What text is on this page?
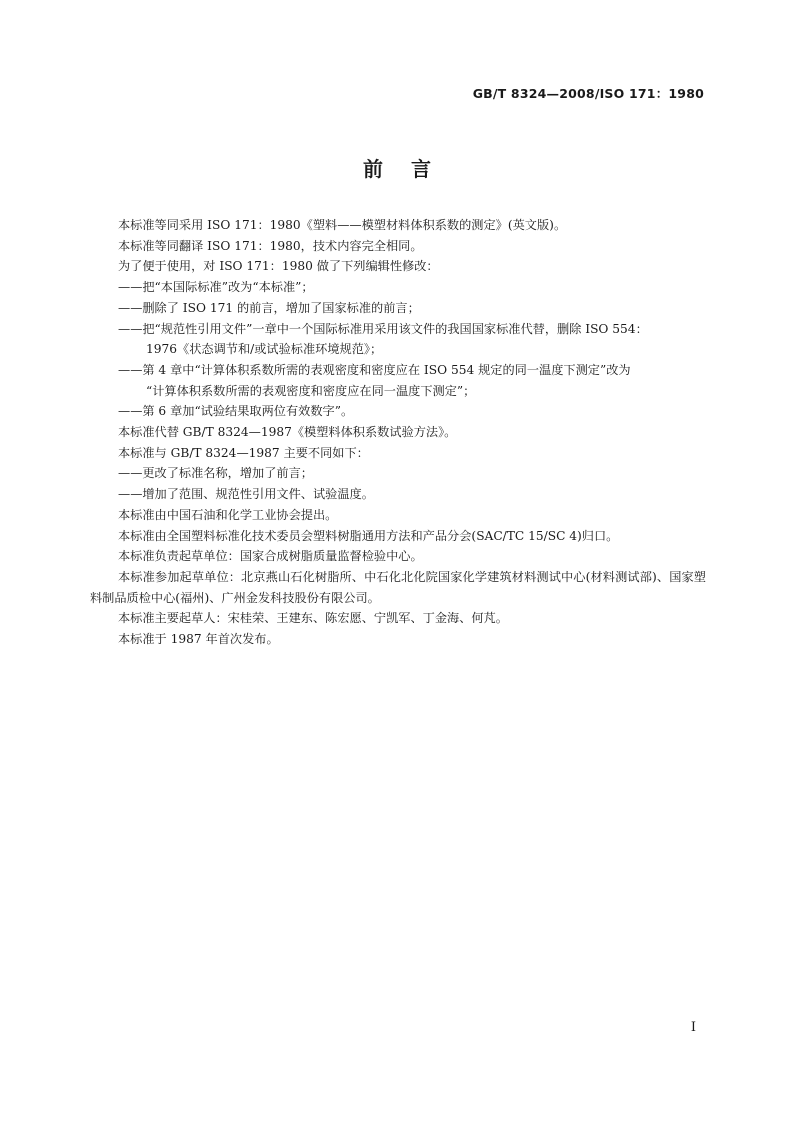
GB/T 8324—2008/ISO 171：1980
前言

本标准等同采用 ISO 171：1980《塑料——模塑材料体积系数的测定》(英文版)。

本标准等同翻译 ISO 171：1980，技术内容完全相同。

为了便于使用，对 ISO 171：1980 做了下列编辑性修改：

——把“本国际标准”改为“本标准”；

——删除了 ISO 171 的前言，增加了国家标准的前言；

——把“规范性引用文件”一章中一个国际标准用采用该文件的我国国家标准代替，删除 ISO 554：
1976《状态调节和/或试验标准环境规范》；

——第 4 章中“计算体积系数所需的表观密度和密度应在 ISO 554 规定的同一温度下测定”改为
“计算体积系数所需的表观密度和密度应在同一温度下测定”；

——第 6 章加“试验结果取两位有效数字”。

本标准代替 GB/T 8324—1987《模塑料体积系数试验方法》。

本标准与 GB/T 8324—1987 主要不同如下：

——更改了标准名称，增加了前言；

——增加了范围、规范性引用文件、试验温度。

本标准由中国石油和化学工业协会提出。

本标准由全国塑料标准化技术委员会塑料树脂通用方法和产品分会(SAC/TC 15/SC 4)归口。

本标准负责起草单位：国家合成树脂质量监督检验中心。

本标准参加起草单位：北京燕山石化树脂所、中石化北化院国家化学建筑材料测试中心(材料测试部)、国家塑料制品质检中心(福州)、广州金发科技股份有限公司。

本标准主要起草人：宋桂荣、王建东、陈宏愿、宁凯军、丁金海、何芃。

本标准于 1987 年首次发布。

I
